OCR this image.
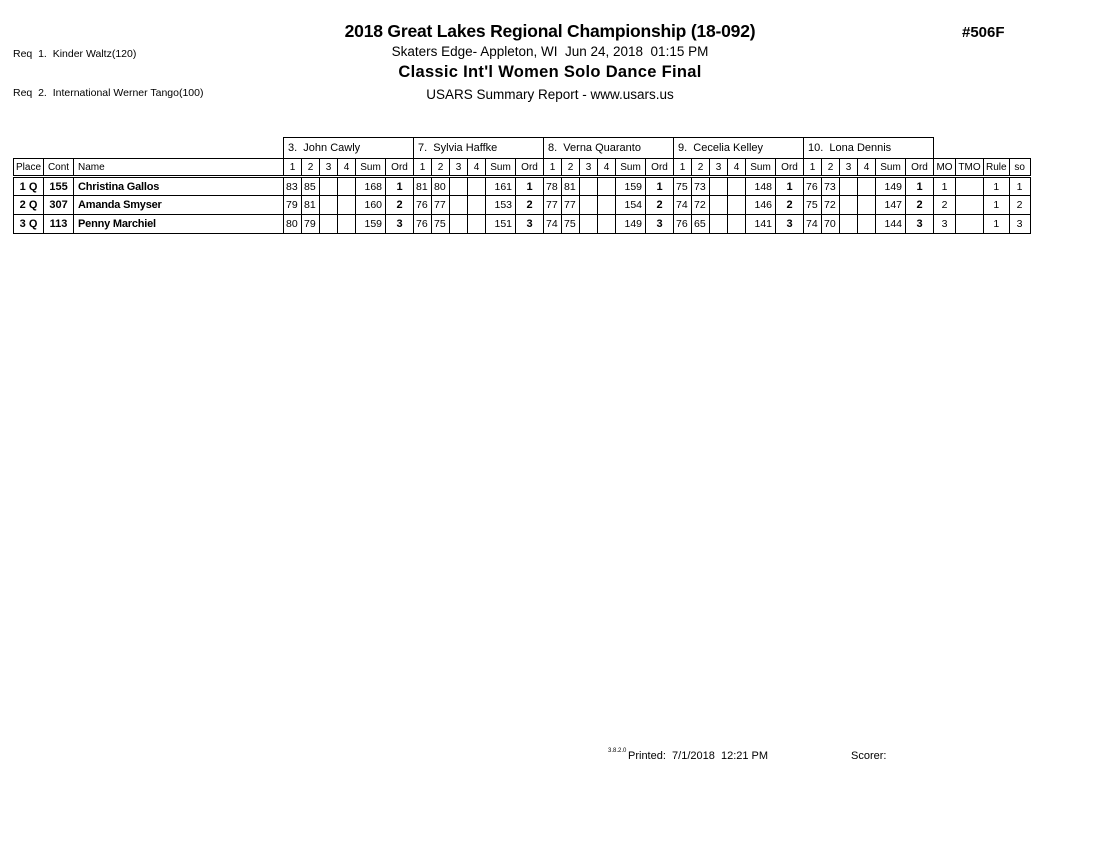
Req  1.  Kinder Waltz(120)

Req  2.  International Werner Tango(100)

2018 Great Lakes Regional Championship (18-092)
Skaters Edge- Appleton, WI  Jun 24, 2018  01:15 PM
Classic Int'l Women Solo Dance Final
USARS Summary Report - www.usars.us
#506F
			3.  John Cawly						7.  Sylvia Haffke						8.  Verna Quaranto						9.  Cecelia Kelley						10.  Lona Dennis									
Place	Cont	Name	1	2	3	4	Sum	Ord	1	2	3	4	Sum	Ord	1	2	3	4	Sum	Ord	1	2	3	4	Sum	Ord	1	2	3	4	Sum	Ord	MO	TMO	Rule	so
1 Q	155	Christina Gallos	83	85			168	1	81	80			161	1	78	81			159	1	75	73			148	1	76	73			149	1	1		1	1
2 Q	307	Amanda Smyser	79	81			160	2	76	77			153	2	77	77			154	2	74	72			146	2	75	72			147	2	2		1	2
3 Q	113	Penny Marchiel	80	79			159	3	76	75			151	3	74	75			149	3	76	65			141	3	74	70			144	3	3		1	3
3.8.2.0 Printed:  7/1/2018  12:21 PM	Scorer:
